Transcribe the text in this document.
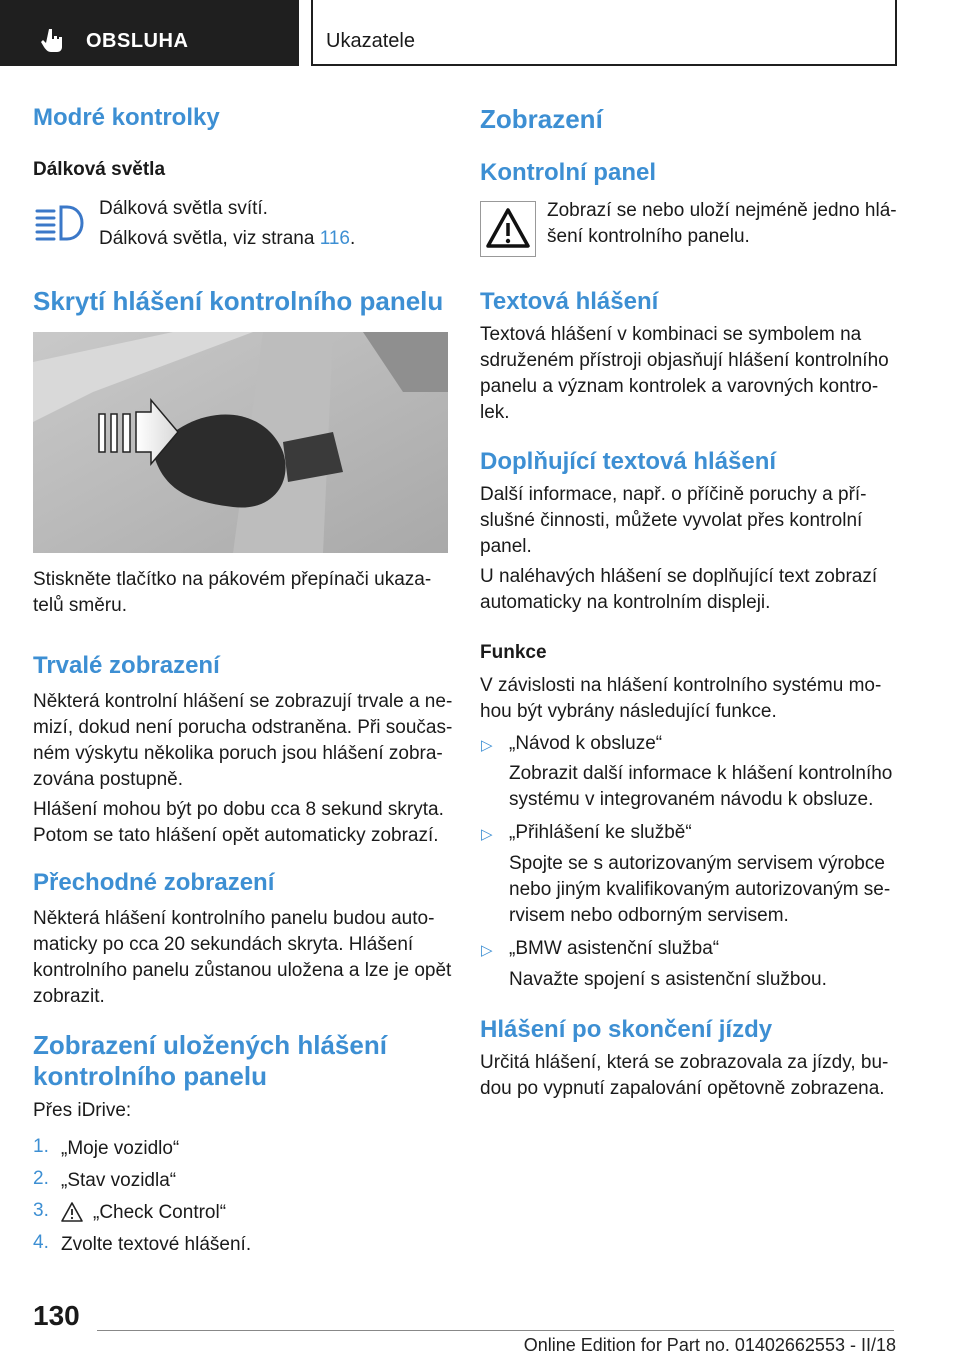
OBSLUHA	Ukazatele
Modré kontrolky
Dálková světla
Dálková světla svítí.
Dálková světla, viz strana 116.
Skrytí hlášení kontrolního panelu
Stiskněte tlačítko na pákovém přepínači ukaza-
telů směru.
Trvalé zobrazení
Některá kontrolní hlášení se zobrazují trvale a ne-
mizí, dokud není porucha odstraněna. Při součas-
ném výskytu několika poruch jsou hlášení zobra-
zována postupně.
Hlášení mohou být po dobu cca 8 sekund skryta.
Potom se tato hlášení opět automaticky zobrazí.
Přechodné zobrazení
Některá hlášení kontrolního panelu budou auto-
maticky po cca 20 sekundách skryta. Hlášení
kontrolního panelu zůstanou uložena a lze je opět
zobrazit.
Zobrazení uložených hlášení
kontrolního panelu
Přes iDrive:
1. „Moje vozidlo“
2. „Stav vozidla“
3. „Check Control“
4. Zvolte textové hlášení.
Zobrazení
Kontrolní panel
Zobrazí se nebo uloží nejméně jedno hlá-
šení kontrolního panelu.
Textová hlášení
Textová hlášení v kombinaci se symbolem na
sdruženém přístroji objasňují hlášení kontrolního
panelu a význam kontrolek a varovných kontro-
lek.
Doplňující textová hlášení
Další informace, např. o příčině poruchy a pří-
slušné činnosti, můžete vyvolat přes kontrolní
panel.
U naléhavých hlášení se doplňující text zobrazí
automaticky na kontrolním displeji.
Funkce
V závislosti na hlášení kontrolního systému mo-
hou být vybrány následující funkce.
▷ „Návod k obsluze“
Zobrazit další informace k hlášení kontrolního
systému v integrovaném návodu k obsluze.
▷ „Přihlášení ke službě“
Spojte se s autorizovaným servisem výrobce
nebo jiným kvalifikovaným autorizovaným se-
rvisem nebo odborným servisem.
▷ „BMW asistenční služba“
Navažte spojení s asistenční službou.
Hlášení po skončení jízdy
Určitá hlášení, která se zobrazovala za jízdy, bu-
dou po vypnutí zapalování opětovně zobrazena.
130
Online Edition for Part no. 01402662553 - II/18
